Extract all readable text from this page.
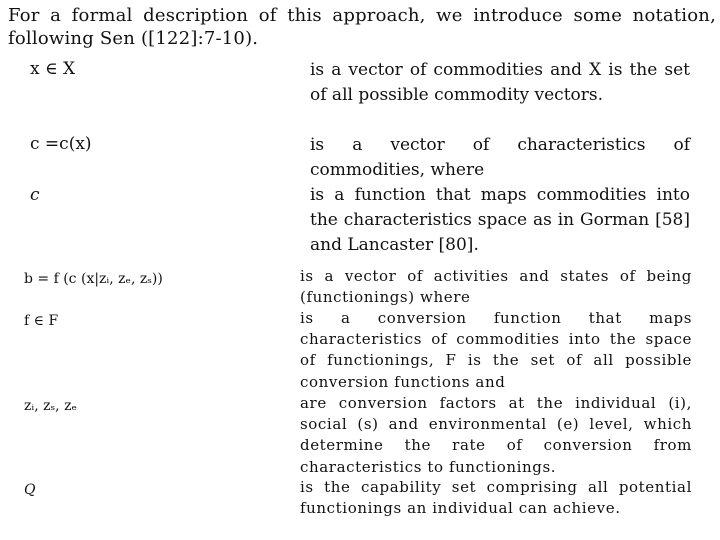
For a formal description of this approach, we introduce some notation, following Sen ([122]:7-10).
x ∈ X	is a vector of commodities and X is the set of all possible commodity vectors.
c =c(x)	is a vector of characteristics of commodities, where
c	is a function that maps commodities into the characteristics space as in Gorman [58] and Lancaster [80].
b = f (c (x|zᵢ, zₑ, zₛ))	is a vector of activities and states of being (functionings) where
f ∈ F	is a conversion function that maps characteristics of commodities into the space of functionings, F is the set of all possible conversion functions and
zᵢ, zₛ, zₑ	are conversion factors at the individual (i), social (s) and environmental (e) level, which determine the rate of conversion from characteristics to functionings.
Q	is the capability set comprising all potential functionings an individual can achieve.
